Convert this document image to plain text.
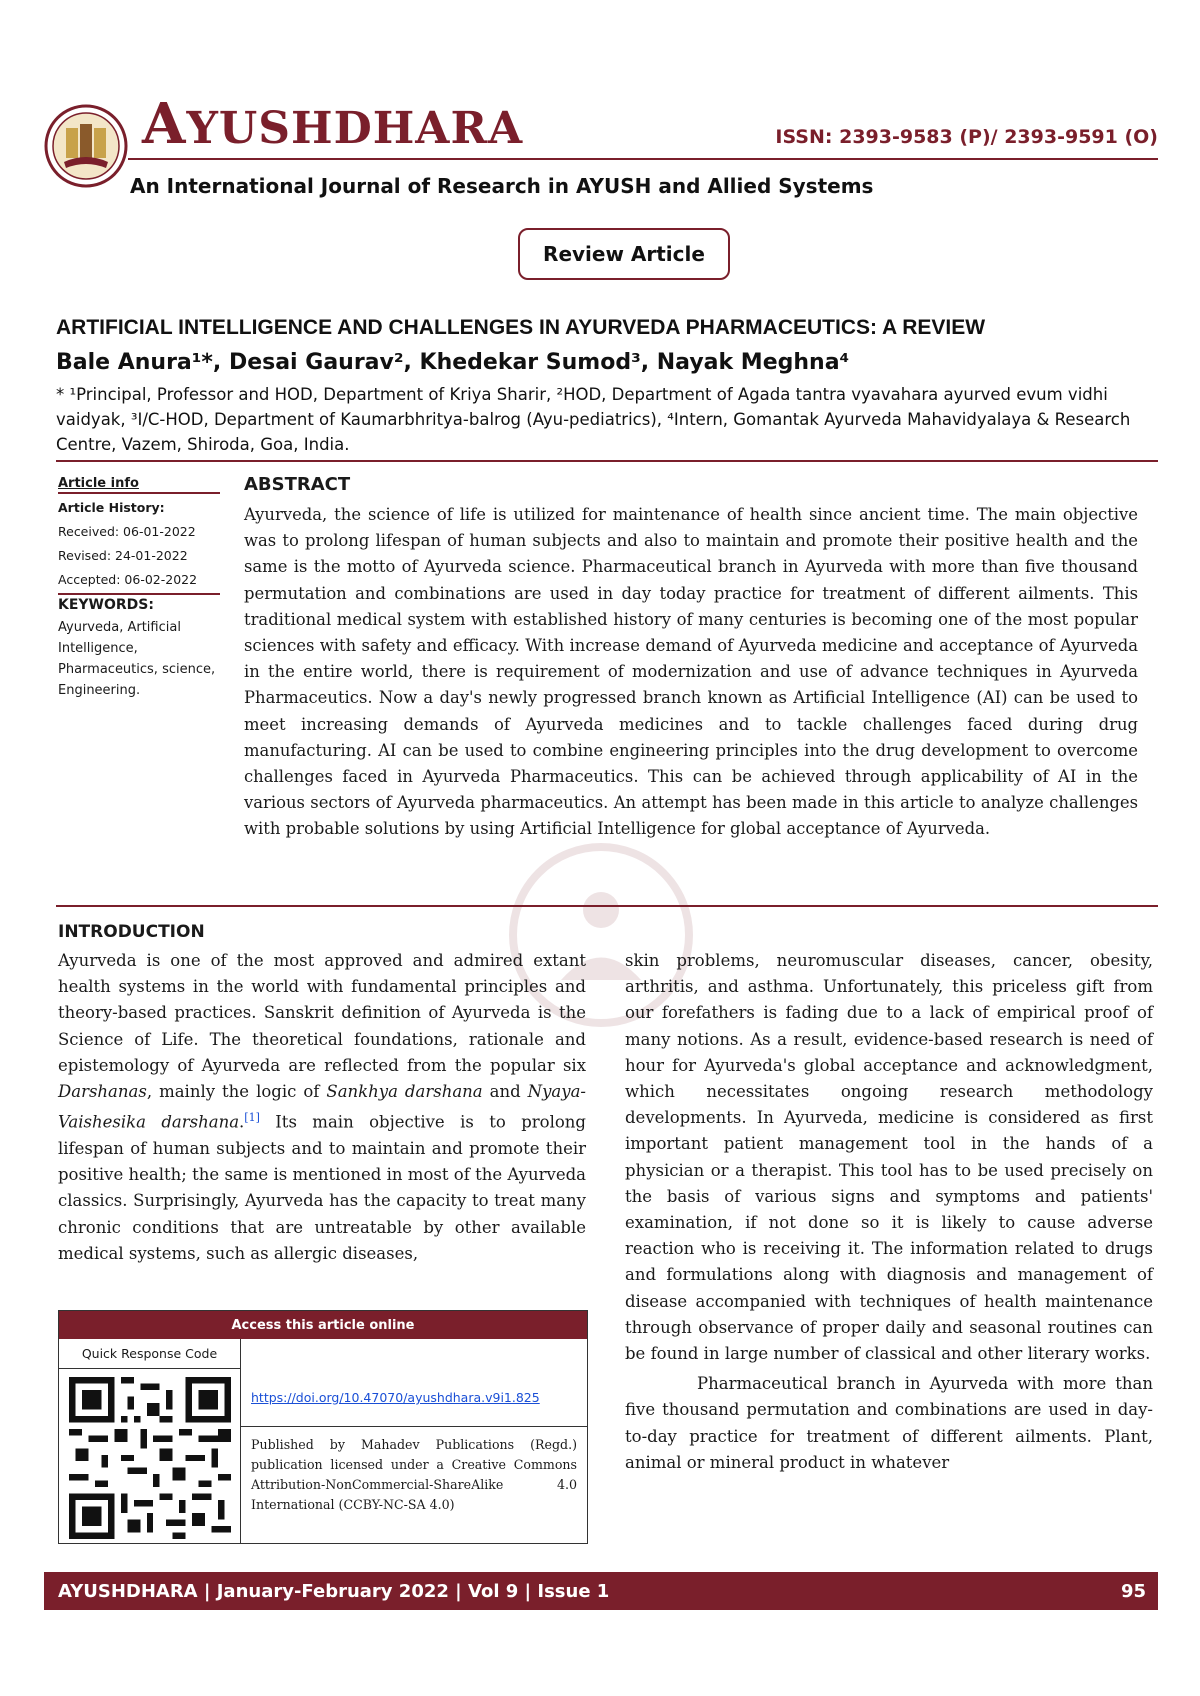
AYUSHDHARA	ISSN: 2393-9583 (P)/ 2393-9591 (O)
An International Journal of Research in AYUSH and Allied Systems
Review Article
ARTIFICIAL INTELLIGENCE AND CHALLENGES IN AYURVEDA PHARMACEUTICS: A REVIEW
Bale Anura¹*, Desai Gaurav², Khedekar Sumod³, Nayak Meghna⁴
* ¹Principal, Professor and HOD, Department of Kriya Sharir, ²HOD, Department of Agada tantra vyavahara ayurved evum vidhi vaidyak, ³I/C-HOD, Department of Kaumarbhritya-balrog (Ayu-pediatrics), ⁴Intern, Gomantak Ayurveda Mahavidyalaya & Research Centre, Vazem, Shiroda, Goa, India.
Article info
Article History:
Received: 06-01-2022
Revised: 24-01-2022
Accepted: 06-02-2022
KEYWORDS:
Ayurveda, Artificial Intelligence, Pharmaceutics, science, Engineering.
ABSTRACT
Ayurveda, the science of life is utilized for maintenance of health since ancient time. The main objective was to prolong lifespan of human subjects and also to maintain and promote their positive health and the same is the motto of Ayurveda science. Pharmaceutical branch in Ayurveda with more than five thousand permutation and combinations are used in day today practice for treatment of different ailments. This traditional medical system with established history of many centuries is becoming one of the most popular sciences with safety and efficacy. With increase demand of Ayurveda medicine and acceptance of Ayurveda in the entire world, there is requirement of modernization and use of advance techniques in Ayurveda Pharmaceutics. Now a day's newly progressed branch known as Artificial Intelligence (AI) can be used to meet increasing demands of Ayurveda medicines and to tackle challenges faced during drug manufacturing. AI can be used to combine engineering principles into the drug development to overcome challenges faced in Ayurveda Pharmaceutics. This can be achieved through applicability of AI in the various sectors of Ayurveda pharmaceutics. An attempt has been made in this article to analyze challenges with probable solutions by using Artificial Intelligence for global acceptance of Ayurveda.
INTRODUCTION
Ayurveda is one of the most approved and admired extant health systems in the world with fundamental principles and theory-based practices. Sanskrit definition of Ayurveda is the Science of Life. The theoretical foundations, rationale and epistemology of Ayurveda are reflected from the popular six Darshanas, mainly the logic of Sankhya darshana and Nyaya-Vaishesika darshana.[1] Its main objective is to prolong lifespan of human subjects and to maintain and promote their positive health; the same is mentioned in most of the Ayurveda classics. Surprisingly, Ayurveda has the capacity to treat many chronic conditions that are untreatable by other available medical systems, such as allergic diseases,

skin problems, neuromuscular diseases, cancer, obesity, arthritis, and asthma. Unfortunately, this priceless gift from our forefathers is fading due to a lack of empirical proof of many notions. As a result, evidence-based research is need of hour for Ayurveda's global acceptance and acknowledgment, which necessitates ongoing research methodology developments. In Ayurveda, medicine is considered as first important patient management tool in the hands of a physician or a therapist. This tool has to be used precisely on the basis of various signs and symptoms and patients' examination, if not done so it is likely to cause adverse reaction who is receiving it. The information related to drugs and formulations along with diagnosis and management of disease accompanied with techniques of health maintenance through observance of proper daily and seasonal routines can be found in large number of classical and other literary works.

Pharmaceutical branch in Ayurveda with more than five thousand permutation and combinations are used in day-to-day practice for treatment of different ailments. Plant, animal or mineral product in whatever

Access this article online
Quick Response Code
https://doi.org/10.47070/ayushdhara.v9i1.825
Published by Mahadev Publications (Regd.) publication licensed under a Creative Commons Attribution-NonCommercial-ShareAlike 4.0 International (CCBY-NC-SA 4.0)
AYUSHDHARA | January-February 2022 | Vol 9 | Issue 1	95
